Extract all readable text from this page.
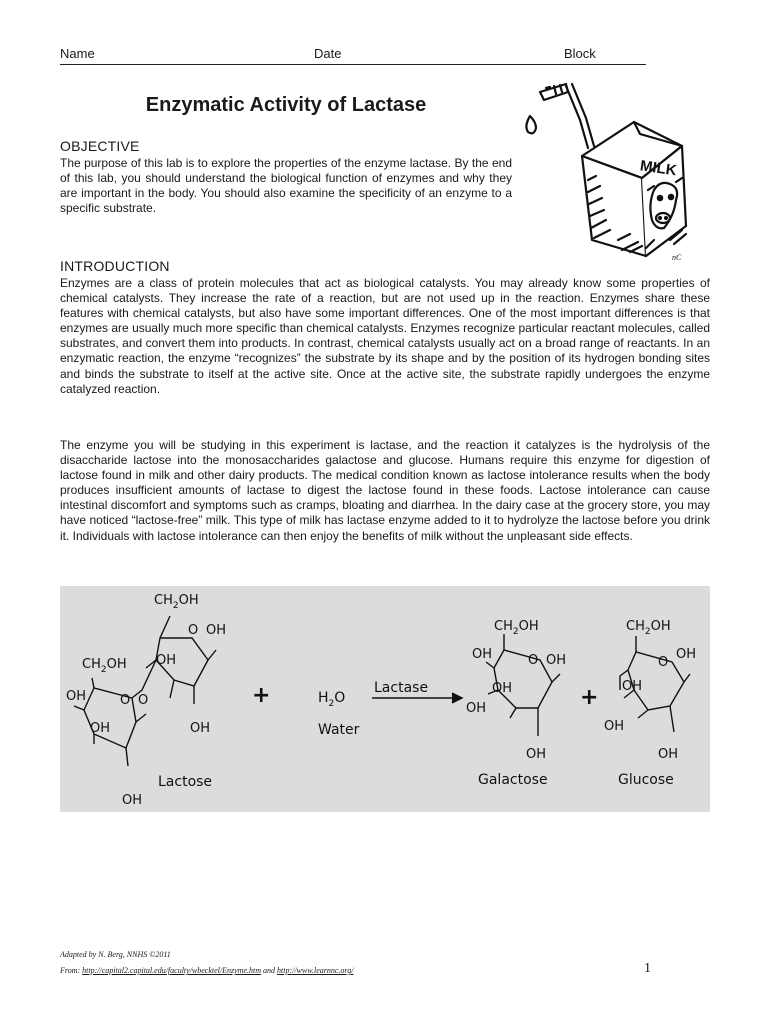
Name	Date	Block
Enzymatic Activity of Lactase
OBJECTIVE

The purpose of this lab is to explore the properties of the enzyme lactase. By the end of this lab, you should understand the biological function of enzymes and why they are important in the body. You should also examine the specificity of an enzyme to a specific substrate.

MILK
nC
INTRODUCTION

Enzymes are a class of protein molecules that act as biological catalysts. You may already know some properties of chemical catalysts. They increase the rate of a reaction, but are not used up in the reaction. Enzymes share these features with chemical catalysts, but also have some important differences. One of the most important differences is that enzymes are usually much more specific than chemical catalysts. Enzymes recognize particular reactant molecules, called substrates, and convert them into products. In contrast, chemical catalysts usually act on a broad range of reactants. In an enzymatic reaction, the enzyme “recognizes” the substrate by its shape and by the position of its hydrogen bonding sites and binds the substrate to itself at the active site. Once at the active site, the substrate rapidly undergoes the enzyme catalyzed reaction.

The enzyme you will be studying in this experiment is lactase, and the reaction it catalyzes is the hydrolysis of the disaccharide lactose into the monosaccharides galactose and glucose. Humans require this enzyme for digestion of lactose found in milk and other dairy products. The medical condition known as lactose intolerance results when the body produces insufficient amounts of lactase to digest the lactose found in these foods. Lactose intolerance can cause intestinal discomfort and symptoms such as cramps, bloating and diarrhea. In the dairy case at the grocery store, you may have noticed “lactose-free” milk. This type of milk has lactase enzyme added to it to hydrolyze the lactose before you drink it. Individuals with lactose intolerance can then enjoy the benefits of milk without the unpleasant side effects.

$CH_2OH$
O OH
OH
$CH_2OH$
O
O
OH
OH	OH
OH
Lactose
+	$H_2O$
Water
Lactase
$CH_2OH$
OH	O OH
OH
OH
OH
Galactose
+
$CH_2OH$
O
OH
OH
OH
OH
Glucose
Adapted by N. Berg, NNHS ©2011
From: http://capital2.capital.edu/faculty/wbecktel/Enzyme.htm and http://www.learnnc.org/	1
